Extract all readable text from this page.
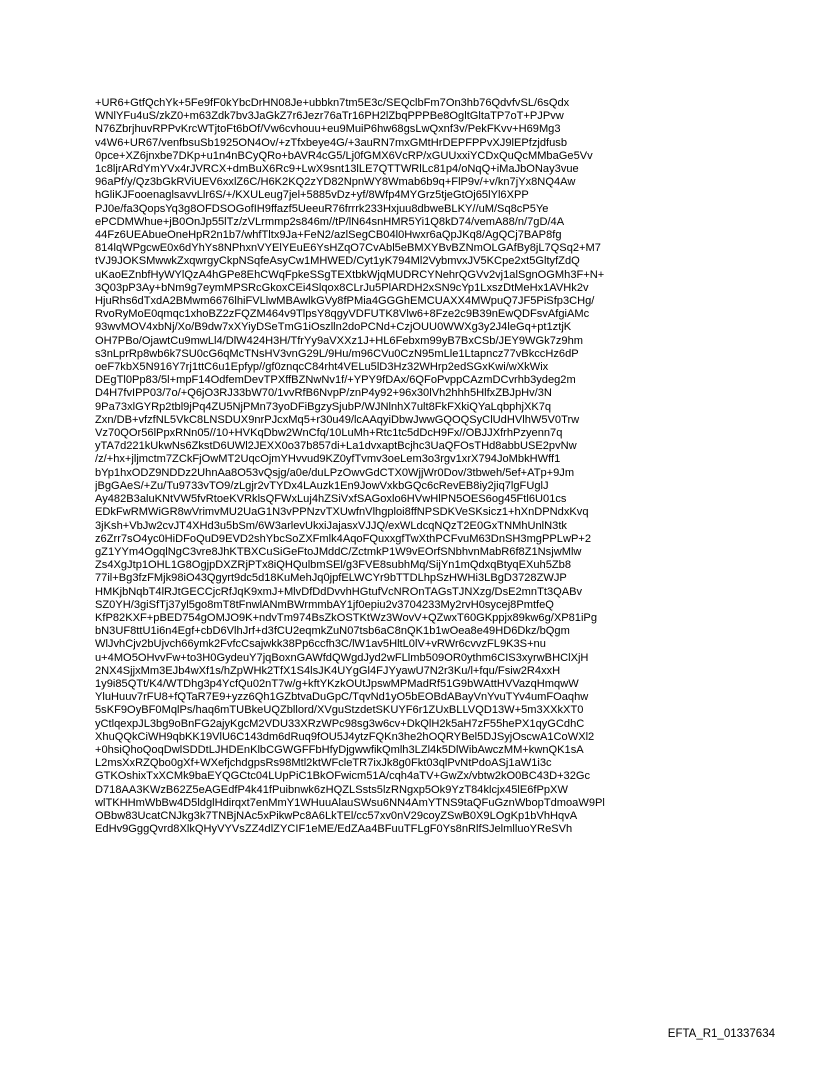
+UR6+GtfQchYk+5Fe9fF0kYbcDrHN08Je+ubbkn7tm5E3c/SEQclbFm7On3hb76QdvfvSL/6sQdx
WNlYFu4uS/zkZ0+m63Zdk7bv3JaGkZ7r6Jezr76aTr16PH2lZbqPPPBe8OgltGltaTP7oT+PJPvw
N76ZbrjhuvRPPvKrcWTjtoFt6bOf/Vw6cvhouu+eu9MuiP6hw68gsLwQxnf3v/PekFKvv+H69Mg3
v4W6+UR67/venfbsuSb1925ON4Ov/+zTfxbeye4G/+3auRN7mxGMtHrDEPFPPvXJ9lEPfzjdfusb
0pce+XZ6jnxbe7DKp+u1n4nBCyQRo+bAVR4cG5/Lj0fGMX6VcRP/xGUUxxiYCDxQuQcMMbaGe5Vv
1c8ljrARdYmYVx4rJVRCX+dmBuX6Rc9+LwX9snt13lLE7QTTWRlLc81p4/oNqQ+iMaJbONay3vue
96aPf/y/Qz3bGkRViUEV6xxlZ6C/H6K2KQ2zYD82NpnWY8Wmab6b9q+FlP9v/+v/kn7jYx8NQ4Aw
hGliKJFooenaglsavvLlr6S/+/KXULeug7jel+5885vDz+yf/8Wfp4MYGrz5tjeGtOj65lYl6XPP
PJ0e/fa3QopsYq3g8OFDSOGofIH9ffazf5UeeuR76frrrk233Hxjuu8dbweBLKY//uM/Sq8cP5Ye
ePCDMWhue+jB0OnJp55lTz/zVLrmmp2s846m//tP/lN64snHMR5Yi1Q8kD74/vemA88/n/7gD/4A
44Fz6UEAbueOneHpR2n1b7/whfTltx9Ja+FeN2/azlSegCB04l0Hwxr6aQpJKq8/AgQCj7BAP8fg
814lqWPgcwE0x6dYhYs8NPhxnVYElYEuE6YsHZqO7CvAbl5eBMXYBvBZNmOLGAfBy8jL7QSq2+M7
tVJ9JOKSMwwkZxqwrgyCkpNSqfeAsyCw1MHWED/Cyt1yK794Ml2VybmvxJV5KCpe2xt5GltyfZdQ
uKaoEZnbfHyWYlQzA4hGPe8EhCWqFpkeSSgTEXtbkWjqMUDRCYNehrQGVv2vj1alSgnOGMh3F+N+
3Q03pP3Ay+bNm9g7eymMPSRcGkoxCEi4Slqox8CLrJu5PlARDH2xSN9cYp1LxszDtMeHx1AVHk2v
HjuRhs6dTxdA2BMwm6676lhiFVLlwMBAwlkGVy8fPMia4GGGhEMCUAXX4MWpuQ7JF5PiSfp3CHg/
RvoRyMoE0qmqc1xhoBZ2zFQZM464v9TlpsY8qgyVDFUTK8Vlw6+8Fze2c9B39nEwQDFsvAfgiAMc
93wvMOV4xbNj/Xo/B9dw7xXYiyDSeTmG1iOszlln2doPCNd+CzjOUU0WWXg3y2J4leGq+pt1ztjK
OH7PBo/OjawtCu9mwLl4/DlW424H3H/TfrYy9aVXXz1J+HL6Febxm99yB7BxCSb/JEY9WGk7z9hm
s3nLprRp8wb6k7SU0cG6qMcTNsHV3vnG29L/9Hu/m96CVu0CzN95mLle1Ltapncz77vBkccHz6dP
oeF7kbX5N916Y7rj1ttC6u1Epfyp//gf0znqcC84rht4VELu5lD3Hz32WHrp2edSGxKwi/wXkWix
DEgTl0Pp83/5l+mpF14OdfemDevTPXffBZNwNv1f/+YPY9fDAx/6QFoPvppCAzmDCvrhb3ydeg2m
D4H7fvIPP03/7o/+Q6jO3RJ33bW70/1vvRfB6NvpP/znP4y92+96x30lVh2hhh5HlfxZBJpHv/3N
9Pa73xlGYRp2tbl9jPq4ZU5NjPMn73yoDFiBgzySjubP/WJNlnhX7ult8FkFXkiQYaLqbphjXK7q
Zxn/DB+vfzfNL5VkC8LNSDUX9nrPJcxMq5+r30u49/lcAAqyiDbwJwwGQOQSyClUdHVlhW5V0Trw
Vz70QOr56lPpxRNn05//10+HVKqDbw2WnCfq/10LuMh+Rtc1tc5dDcH9Fx//OBJJXfrhPzyenn7q
yTA7d221kUkwNs6ZkstD6UWl2JEXX0o37b857di+La1dvxaptBcjhc3UaQFOsTHd8abbUSE2pvNw
/z/+hx+jljmctm7ZCkFjOwMT2UqcOjmYHvvud9KZ0yfTvmv3oeLem3o3rgv1xrX794JoMbkHWff1
bYp1hxODZ9NDDz2UhnAa8O53vQsjg/a0e/duLPzOwvGdCTX0WjjWr0Dov/3tbweh/5ef+ATp+9Jm
jBgGAeS/+Zu/Tu9733vTO9/zLgjr2vTYDx4LAuzk1En9JowVxkbGQc6cRevEB8iy2jiq7lgFUglJ
Ay482B3aluKNtVW5fvRtoeKVRklsQFWxLuj4hZSiVxfSAGoxlo6HVwHlPN5OES6og45Ftl6U01cs
EDkFwRMWiGR8wVrimvMU2UaG1N3vPPNzvTXUwfnVlhgploi8ffNPSDKVeSKsicz1+hXnDPNdxKvq
3jKsh+VbJw2cvJT4XHd3u5bSm/6W3arlevUkxiJajasxVJJQ/exWLdcqNQzT2E0GxTNMhUnlN3tk
z6Zrr7sO4yc0HiDFoQuD9EVD2shYbcSoZXFmlk4AqoFQuxxgfTwXthPCFvuM63DnSH3mgPPLwP+2
gZ1YYm4OgqlNgC3vre8JhKTBXCuSiGeFtoJMddC/ZctmkP1W9vEOrfSNbhvnMabR6f8Z1NsjwMlw
Zs4XgJtp1OHL1G8OgjpDXZRjPTx8iQHQulbmSEl/g3FVE8subhMq/SijYn1mQdxqBtyqEXuh5Zb8
77il+Bg3fzFMjk98iO43Qgyrt9dc5d18KuMehJq0jpfELWCYr9bTTDLhpSzHWHi3LBgD3728ZWJP
HMKjbNqbT4lRJtGECCjcRfJqK9xmJ+MlvDfDdDvvhHGtufVcNROnTAGsTJNXzg/DsE2mnTt3QABv
SZ0YH/3giSfTj37yl5go8mT8tFnwlANmBWrmmbAY1jf0epiu2v3704233My2rvH0sycej8PmtfeQ
KfP82KXF+pBED754gOMJO9K+ndvTm974BsZkOSTKtWz3WovV+QZwxT60GKppjx89kw6g/XP81iPg
bN3UF8ttU1i6n4Egf+cbD6VlhJrf+d3fCU2eqmkZuN07tsb6aC8nQK1b1wOea8e49HD6Dkz/bQgm
WlJvhCjv2bUjvch66ymk2FvfcCsajwkk38Pp6ccfh3C/lW1av5HltL0lV+vRWr6cvvzFL9K3S+nu
u+4MO5OHvvFw+to3H0GydeuY7jqBoxnGAWfdQWgdJyd2wFLlmb509OR0ythm6CIS3xyrwBHClXjH
2NX4SjjxMm3EJb4wXf1s/hZpWHk2TfX1S4lsJK4UYgGl4FJYyawU7N2r3Ku/l+fqu/Fsiw2R4xxH
1y9i85QTt/K4/WTDhg3p4YcfQu02nT7w/g+kftYKzkOUtJpswMPMadRf51G9bWAttHVVazqHmqwW
YluHuuv7rFU8+fQTaR7E9+yzz6Qh1GZbtvaDuGpC/TqvNd1yO5bEOBdABayVnYvuTYv4umFOaqhw
5sKF9OyBF0MqlPs/haq6mTUBkeUQZbllord/XVguStzdetSKUYF6r1ZUxBLLVQD13W+5m3XXkXT0
yCtlqexpJL3bg9oBnFG2ajyKgcM2VDU33XRzWPc98sg3w6cv+DkQlH2k5aH7zF55hePX1qyGCdhC
XhuQQkCiWH9qbKK19VlU6C143dm6dRuq9fOU5J4ytzFQKn3he2hOQRYBel5DJSyjOscwA1CoWXl2
+0hsiQhoQoqDwlSDDtLJHDEnKlbCGWGFFbHfyDjgwwfikQmlh3LZl4k5DlWibAwczMM+kwnQK1sA
L2msXxRZQbo0gXf+WXefjchdgpsRs98Mtl2ktWFcleTR7ixJk8g0Fkt03qlPvNtPdoASj1aW1i3c
GTKOshixTxXCMk9baEYQGCtc04LUpPiC1BkOFwicm51A/cqh4aTV+GwZx/vbtw2kO0BC43D+32Gc
D718AA3KWzB62Z5eAGEdfP4k41fPuibnwk6zHQZLSsts5lzRNgxp5Ok9YzT84klcjx45lE6fPpXW
wlTKHHmWbBw4D5ldglHdirqxt7enMmY1WHuuAlauSWsu6NN4AmYTNS9taQFuGznWbopTdmoaW9Pl
OBbw83UcatCNJkg3k7TNBjNAc5xPikwPc8A6LkTEl/cc57xv0nV29coyZSwB0X9LOgKp1bVhHqvA
EdHv9GggQvrd8XlkQHyVYVsZZ4dlZYCIF1eME/EdZAa4BFuuTFLgF0Ys8nRlfSJelmlluoYReSVh
EFTA_R1_01337634
